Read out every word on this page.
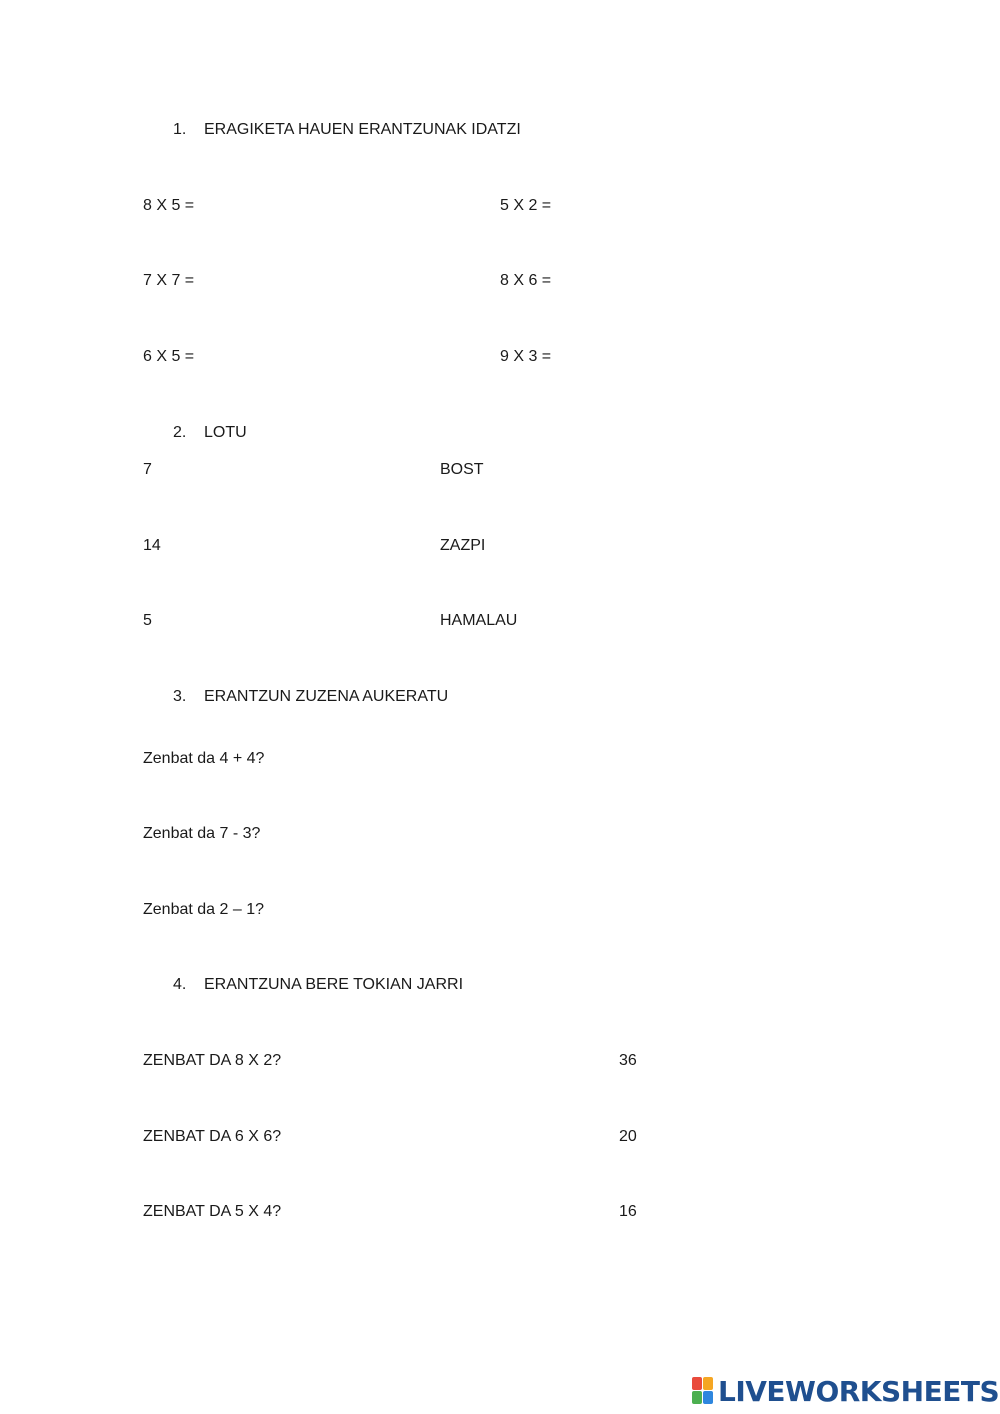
1. ERAGIKETA HAUEN ERANTZUNAK IDATZI
8 X 5 =	5 X 2 =
7 X 7 =	8 X 6 =
6 X 5 =	9 X 3 =
2. LOTU
7	BOST
14	ZAZPI
5	HAMALAU
3. ERANTZUN ZUZENA AUKERATU
Zenbat da 4 + 4?
Zenbat da 7 - 3?
Zenbat da 2 – 1?
4. ERANTZUNA BERE TOKIAN JARRI
ZENBAT DA 8 X 2?	36
ZENBAT DA 6 X 6?	20
ZENBAT DA 5 X 4?	16
LIVEWORKSHEETS
